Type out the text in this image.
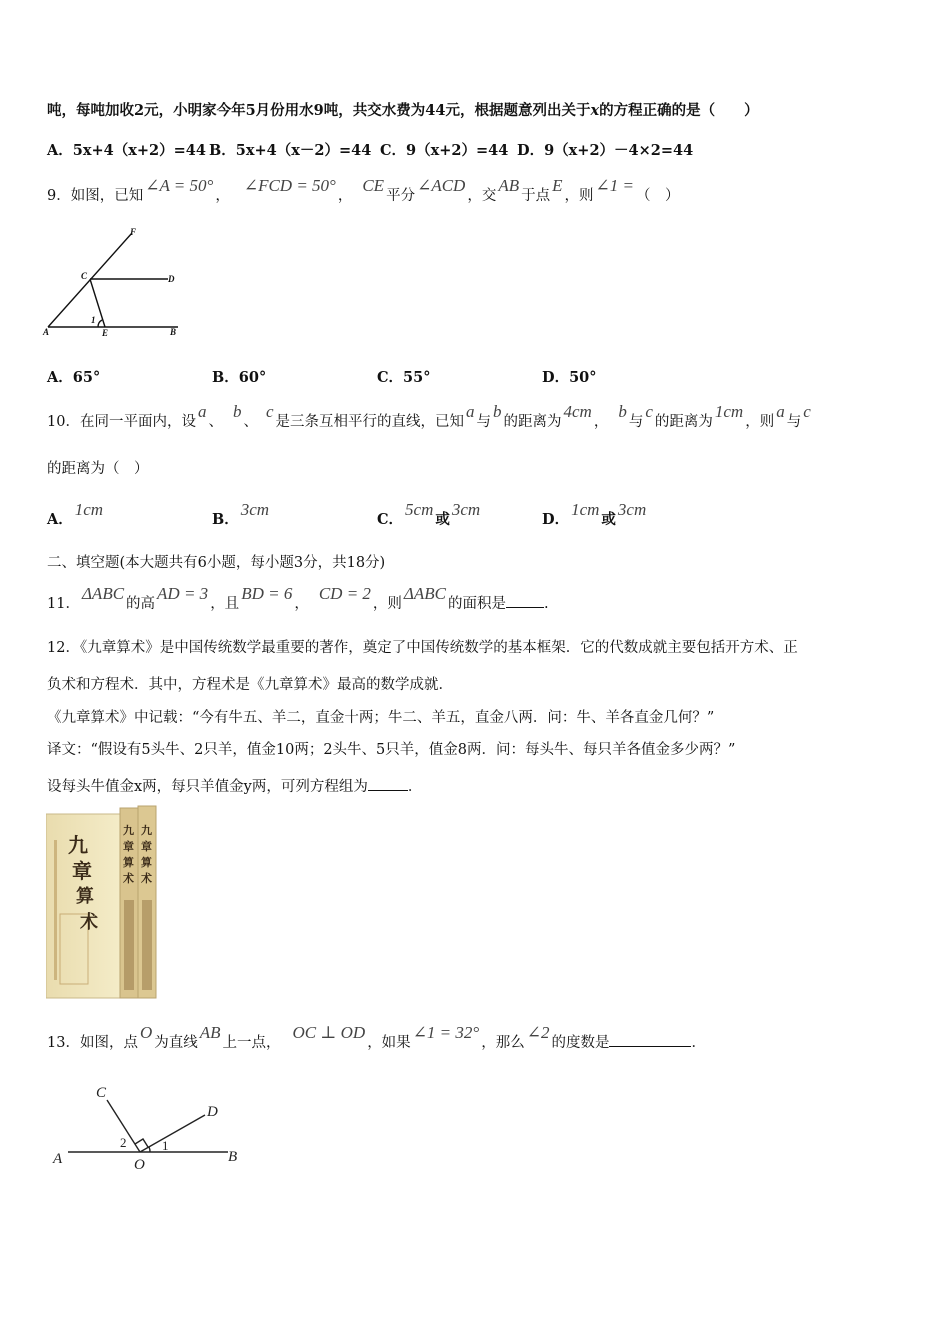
吨，每吨加收2元，小明家今年5月份用水9吨，共交水费为44元，根据题意列出关于x的方程正确的是（　　）
A．5x+4（x+2）=44 B．5x+4（x－2）=44 C．9（x+2）=44 D．9（x+2）－4×2=44
9．如图，已知∠A = 50°，∠FCD = 50°，CE平分∠ACD，交AB于点E，则∠1 =（　）
F
C	D
A	E	B
1
A．65°	B．60°	C．55°	D．50°
10．在同一平面内，设a、b、c是三条互相平行的直线，已知a与b的距离为4cm，b与c的距离为1cm，则a与c
的距离为（　）
A．1cm
B．3cm
C．5cm或3cm
D．1cm或3cm
二、填空题(本大题共有6小题，每小题3分，共18分)
11．ΔABC的高AD = 3，且BD = 6，CD = 2，则ΔABC的面积是	.
12．《九章算术》是中国传统数学最重要的著作，奠定了中国传统数学的基本框架．它的代数成就主要包括开方术、正
负术和方程术．其中，方程术是《九章算术》最高的数学成就．
《九章算术》中记载：“今有牛五、羊二，直金十两；牛二、羊五，直金八两．问：牛、羊各直金几何？”
译文：“假设有5头牛、2只羊，值金10两；2头牛、5只羊，值金8两．问：每头牛、每只羊各值金多少两？”
设每头牛值金x两，每只羊值金y两，可列方程组为	．
九
章
算
术
九
章
算
术
九
章
算
术
13．如图，点O为直线AB上一点，OC ⊥ OD，如果∠1 = 32°，那么∠2的度数是	．
C
D
A	B
O
1
2
